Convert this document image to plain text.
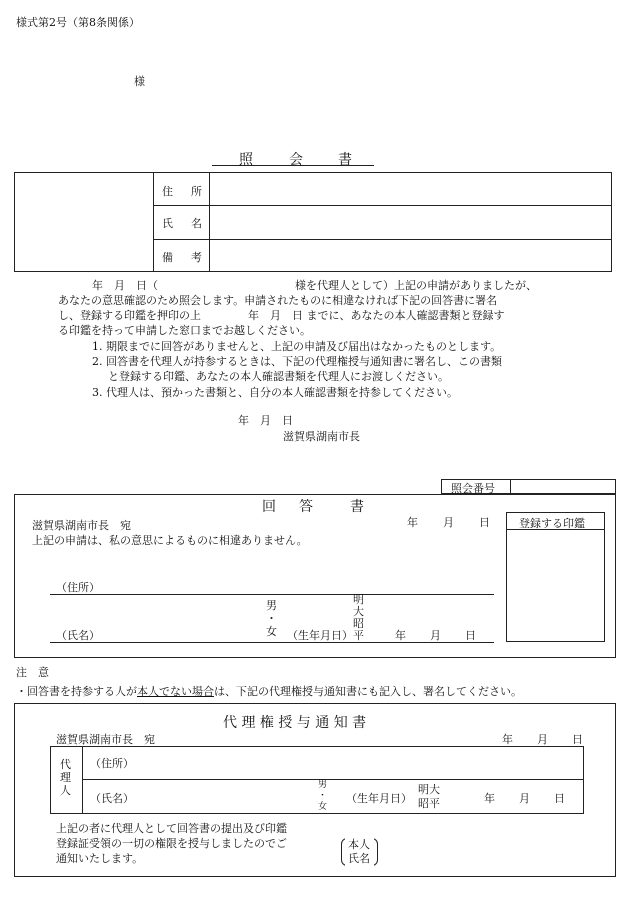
様式第2号（第8条関係）
様
照	会	書
住 所
氏 名
備 考
年　月　日（	様を代理人として）上記の申請がありましたが、
あなたの意思確認のため照会します。申請されたものに相違なければ下記の回答書に署名
し、登録する印鑑を押印の上	年　月　日 までに、あなたの本人確認書類と登録す
る印鑑を持って申請した窓口までお越しください。
1. 期限までに回答がありませんと、上記の申請及び届出はなかったものとします。
2. 回答書を代理人が持参するときは、下記の代理権授与通知書に署名し、この書類
と登録する印鑑、あなたの本人確認書類を代理人にお渡しください。
3. 代理人は、預かった書類と、自分の本人確認書類を持参してください。
年　月　日
滋賀県湖南市長
照会番号
回 答	書
滋賀県湖南市長　宛	年 月 日	登録する印鑑
上記の申請は、私の意思によるものに相違ありません。
（住所）
（氏名）
男
・
女 （生年月日）
明
大
昭
平	年 月 日
注　意
・回答書を持参する人が本人でない場合は、下記の代理権授与通知書にも記入し、署名してください。
代 理 権 授 与 通 知 書
滋賀県湖南市長　宛	年 月 日
代
理
人
（住所）
（氏名）
男
・
女
（生年月日）
明大
昭平	年 月 日
上記の者に代理人として回答書の提出及び印鑑
登録証受領の一切の権限を授与しましたのでご
通知いたします。
本人
氏名
